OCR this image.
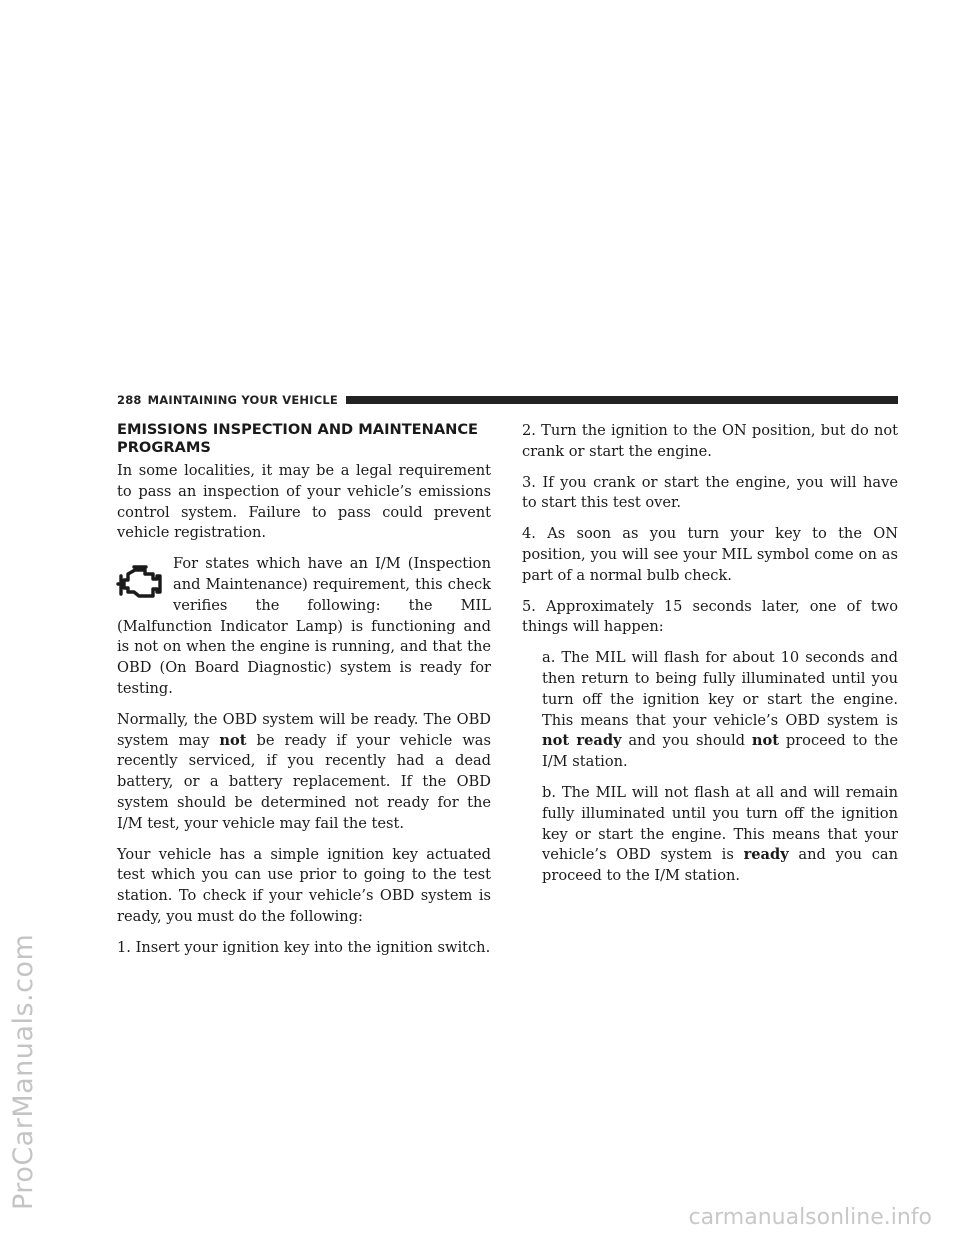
ProCarManuals.com
carmanualsonline.info
288 MAINTAINING YOUR VEHICLE
EMISSIONS INSPECTION AND MAINTENANCE PROGRAMS

In some localities, it may be a legal requirement to pass an inspection of your vehicle’s emissions control system. Failure to pass could prevent vehicle registration.

For states which have an I/M (Inspection and Maintenance) requirement, this check verifies the following: the MIL (Malfunction Indicator Lamp) is functioning and is not on when the engine is running, and that the OBD (On Board Diagnostic) system is ready for testing.

Normally, the OBD system will be ready. The OBD system may not be ready if your vehicle was recently serviced, if you recently had a dead battery, or a battery replacement. If the OBD system should be determined not ready for the I/M test, your vehicle may fail the test.

Your vehicle has a simple ignition key actuated test which you can use prior to going to the test station. To check if your vehicle’s OBD system is ready, you must do the following:

1. Insert your ignition key into the ignition switch.

2. Turn the ignition to the ON position, but do not crank or start the engine.

3. If you crank or start the engine, you will have to start this test over.

4. As soon as you turn your key to the ON position, you will see your MIL symbol come on as part of a normal bulb check.

5. Approximately 15 seconds later, one of two things will happen:

a. The MIL will flash for about 10 seconds and then return to being fully illuminated until you turn off the ignition key or start the engine. This means that your vehicle’s OBD system is not ready and you should not proceed to the I/M station.

b. The MIL will not flash at all and will remain fully illuminated until you turn off the ignition key or start the engine. This means that your vehicle’s OBD system is ready and you can proceed to the I/M station.
